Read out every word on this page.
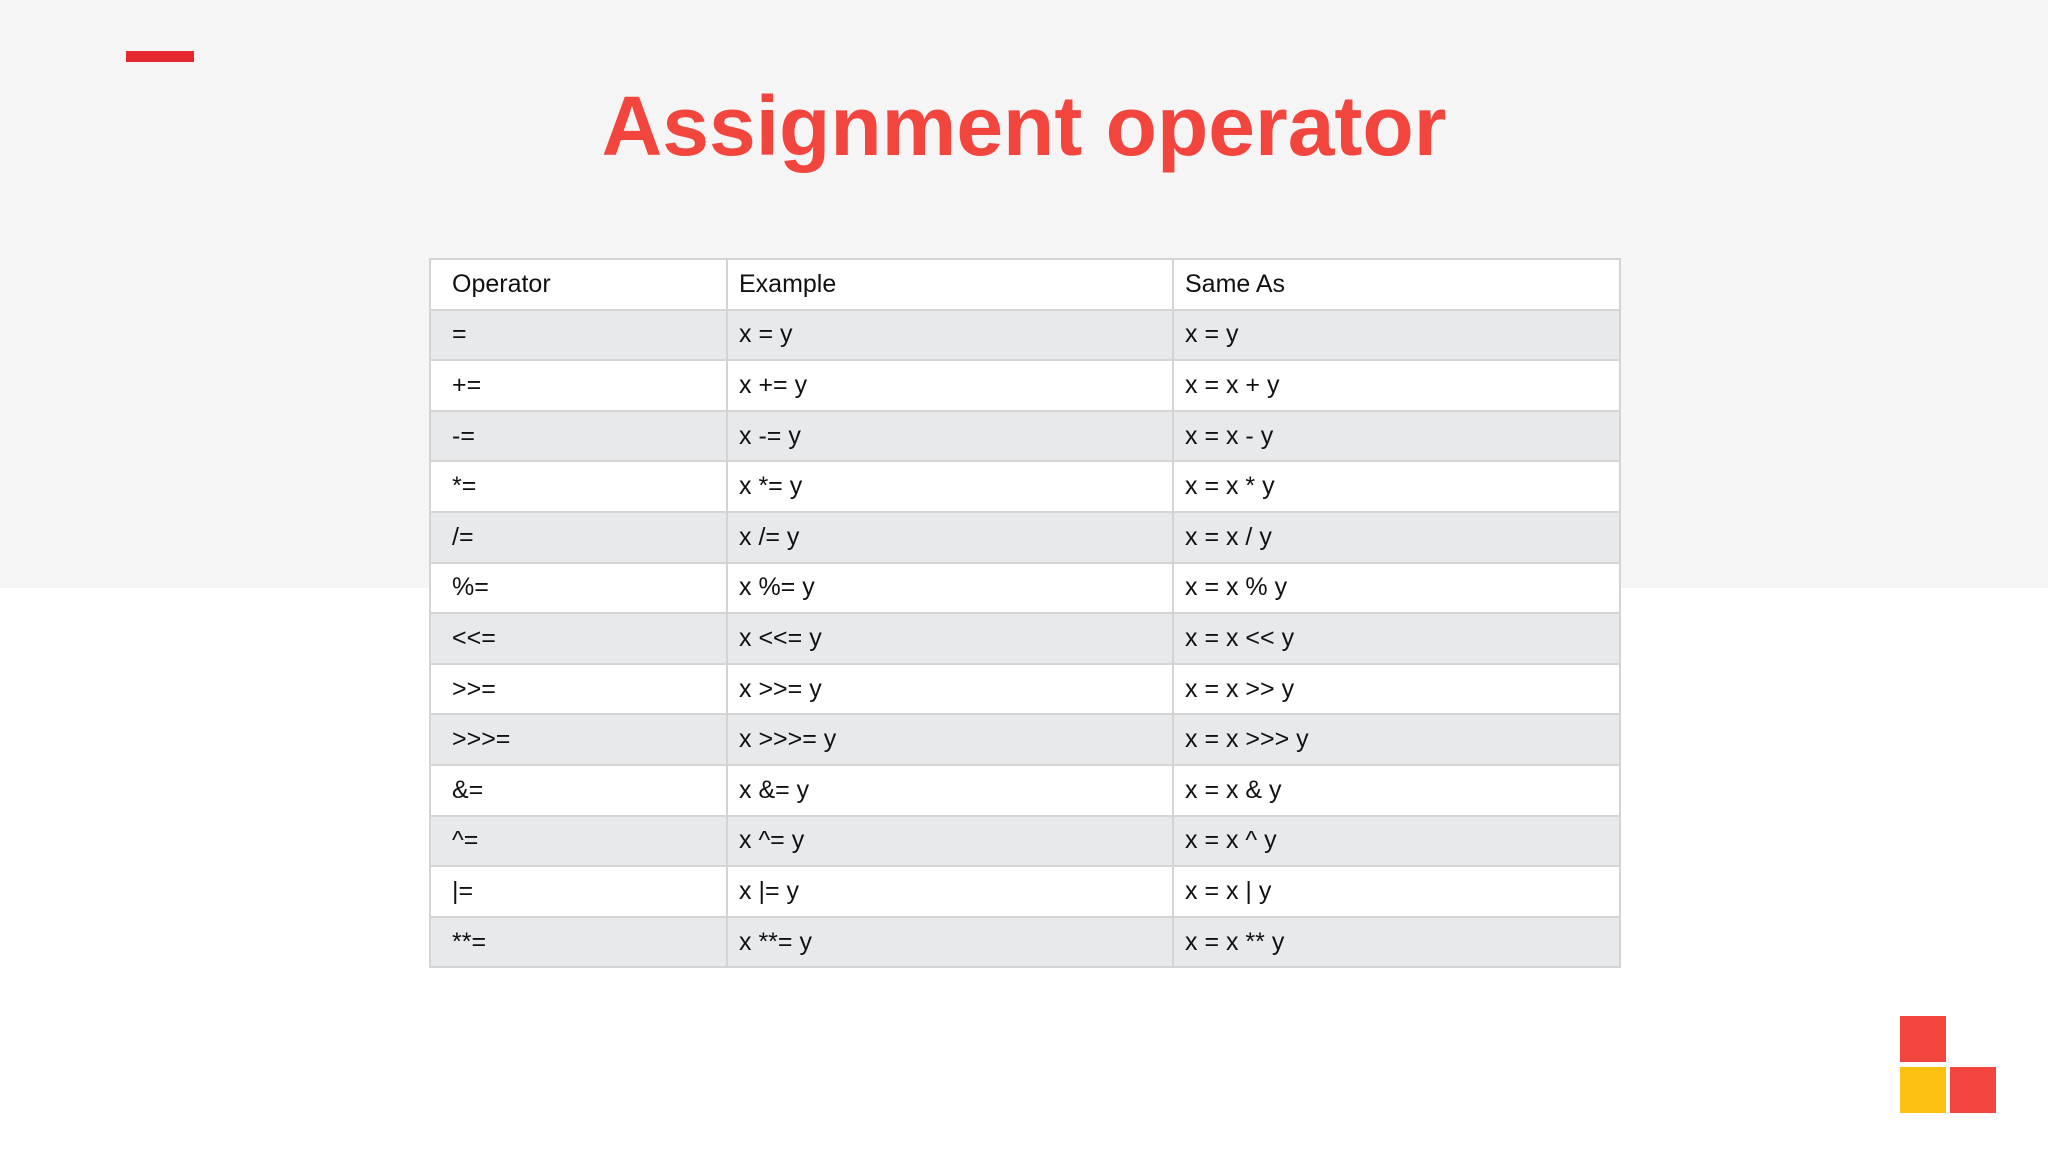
Assignment operator
Operator	Example	Same As
=	x = y	x = y
+=	x += y	x = x + y
-=	x -= y	x = x - y
*=	x *= y	x = x * y
/=	x /= y	x = x / y
%=	x %= y	x = x % y
<<=	x <<= y	x = x << y
>>=	x >>= y	x = x >> y
>>>=	x >>>= y	x = x >>> y
&=	x &= y	x = x & y
^=	x ^= y	x = x ^ y
|=	x |= y	x = x | y
**=	x **= y	x = x ** y
